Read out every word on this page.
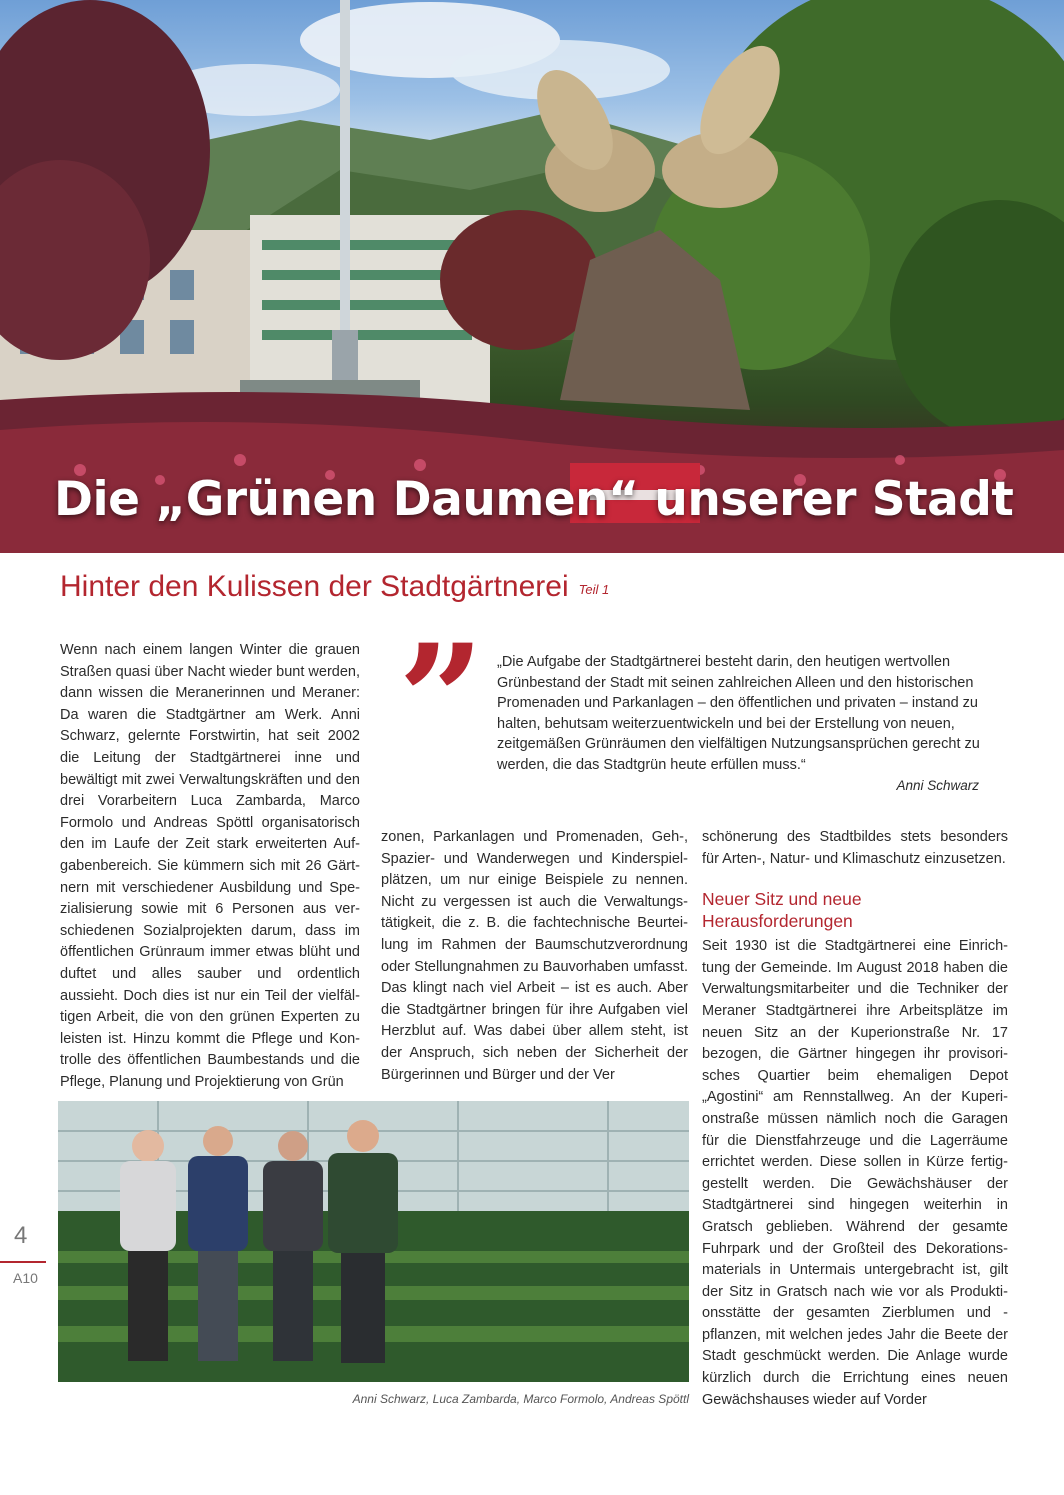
Die „Grünen Daumen“ unserer Stadt
Hinter den Kulissen der Stadtgärtnerei Teil 1
Wenn nach einem langen Winter die grauen Straßen quasi über Nacht wieder bunt werden, dann wissen die Meranerinnen und Meraner: Da waren die Stadtgärtner am Werk. Anni Schwarz, gelernte Forstwirtin, hat seit 2002 die Leitung der Stadtgärtnerei inne und bewältigt mit zwei Verwaltungskräften und den drei Vorarbeitern Luca Zambarda, Marco Formolo und Andreas Spöttl organisatorisch den im Laufe der Zeit stark erweiterten Aufgabenbereich. Sie kümmern sich mit 26 Gärtnern mit verschiedener Ausbildung und Spezialisierung sowie mit 6 Personen aus verschiedenen Sozialprojekten darum, dass im öffentlichen Grünraum immer etwas blüht und duftet und alles sauber und ordentlich aussieht. Doch dies ist nur ein Teil der vielfältigen Arbeit, die von den grünen Experten zu leisten ist. Hinzu kommt die Pflege und Kontrolle des öffentlichen Baumbestands und die Pflege, Planung und Projektierung von Grün
” „Die Aufgabe der Stadtgärtnerei besteht darin, den heutigen wertvollen Grünbestand der Stadt mit seinen zahlreichen Alleen und den historischen Promenaden und Parkanlagen – den öffentlichen und privaten – instand zu halten, behutsam weiterzuentwickeln und bei der Erstellung von neuen, zeitgemäßen Grünräumen den vielfältigen Nutzungsansprüchen gerecht zu werden, die das Stadtgrün heute erfüllen muss.“
Anni Schwarz
zonen, Parkanlagen und Promenaden, Geh-, Spazier- und Wanderwegen und Kinderspielplätzen, um nur einige Beispiele zu nennen. Nicht zu vergessen ist auch die Verwaltungstätigkeit, die z. B. die fachtechnische Beurteilung im Rahmen der Baumschutzverordnung oder Stellungnahmen zu Bauvorhaben umfasst. Das klingt nach viel Arbeit – ist es auch. Aber die Stadtgärtner bringen für ihre Aufgaben viel Herzblut auf. Was dabei über allem steht, ist der Anspruch, sich neben der Sicherheit der Bürgerinnen und Bürger und der Ver
schönerung des Stadtbildes stets besonders für Arten-, Natur- und Klimaschutz einzusetzen.
Neuer Sitz und neue Herausforderungen
Seit 1930 ist die Stadtgärtnerei eine Einrichtung der Gemeinde. Im August 2018 haben die Verwaltungsmitarbeiter und die Techniker der Meraner Stadtgärtnerei ihre Arbeitsplätze im neuen Sitz an der Kuperionstraße Nr. 17 bezogen, die Gärtner hingegen ihr provisorisches Quartier beim ehemaligen Depot „Agostini“ am Rennstallweg. An der Kuperionstraße müssen nämlich noch die Garagen für die Dienstfahrzeuge und die Lagerräume errichtet werden. Diese sollen in Kürze fertiggestellt werden. Die Gewächshäuser der Stadtgärtnerei sind hingegen weiterhin in Gratsch geblieben. Während der gesamte Fuhrpark und der Großteil des Dekorationsmaterials in Untermais untergebracht ist, gilt der Sitz in Gratsch nach wie vor als Produktionsstätte der gesamten Zierblumen und -pflanzen, mit welchen jedes Jahr die Beete der Stadt geschmückt werden. Die Anlage wurde kürzlich durch die Errichtung eines neuen Gewächshauses wieder auf Vorder
Anni Schwarz, Luca Zambarda, Marco Formolo, Andreas Spöttl
4
A10
